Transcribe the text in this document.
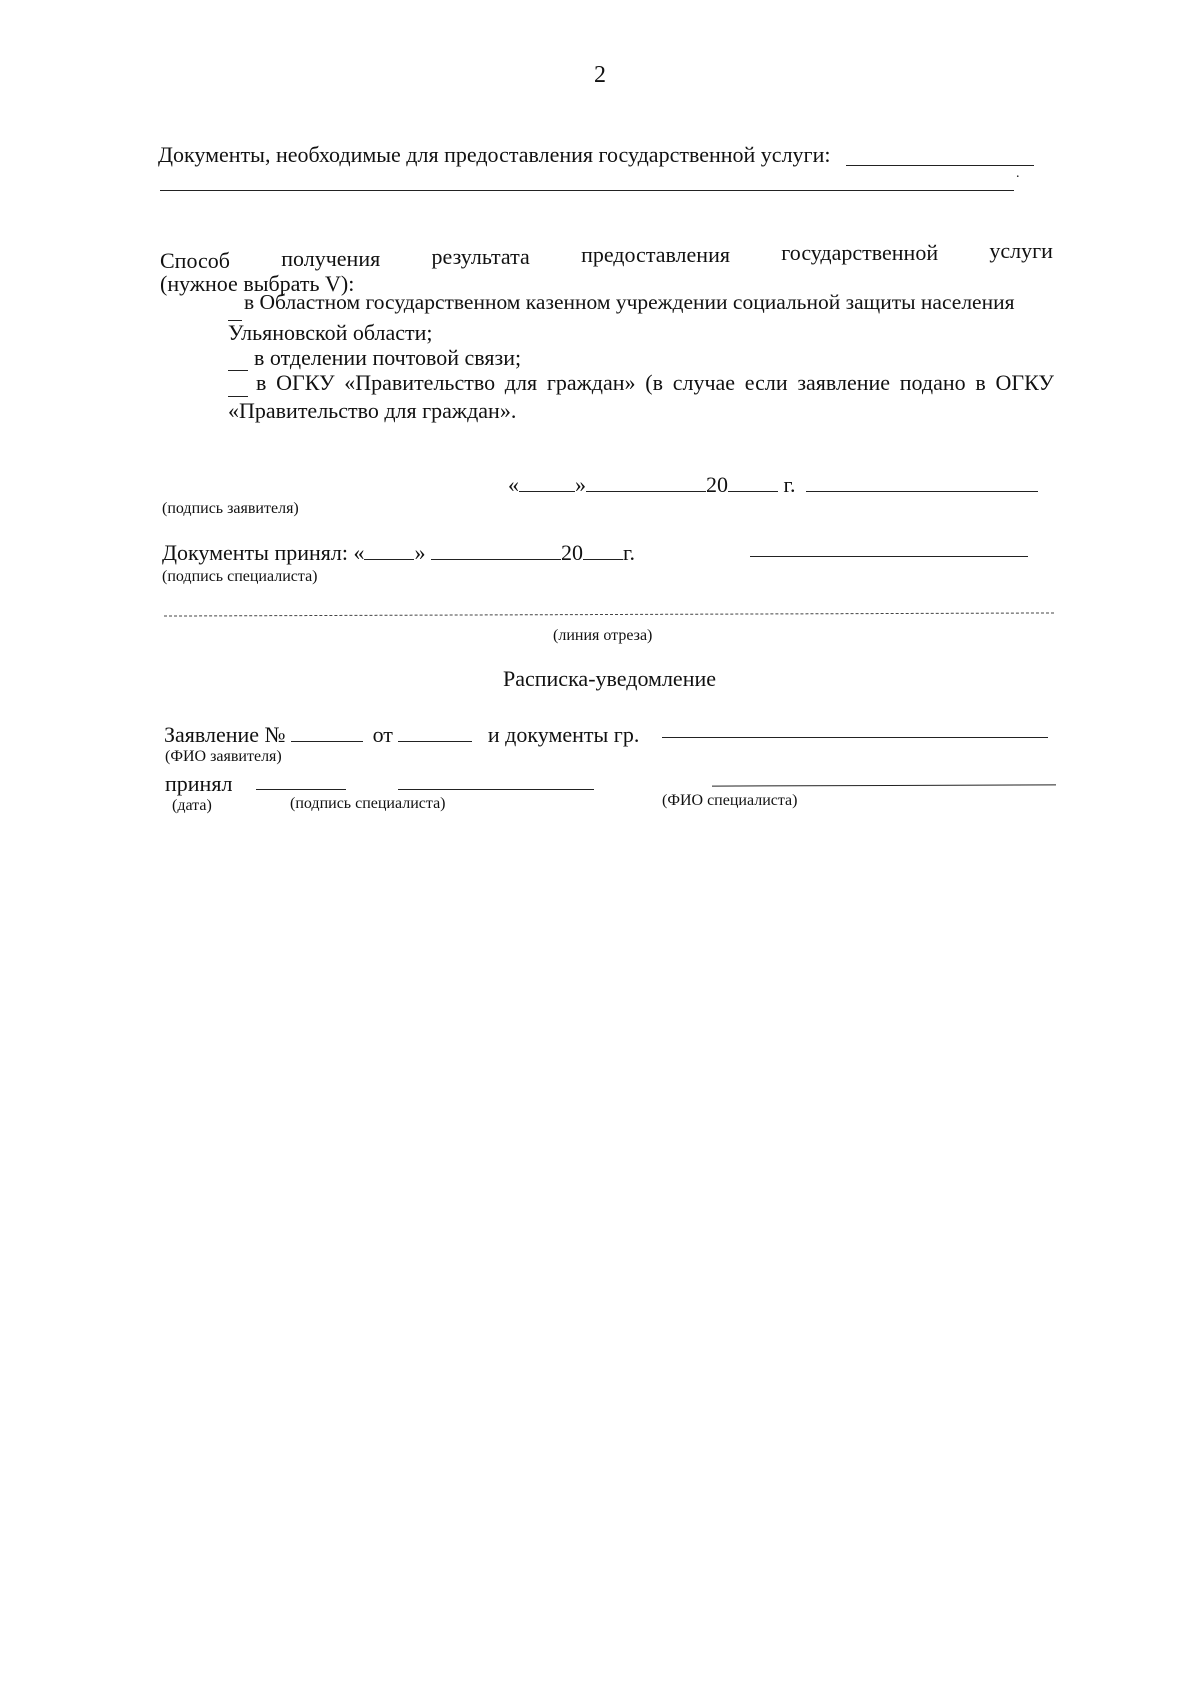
2
Документы, необходимые для предоставления государственной услуги:
.
Способ получения результата предоставления государственной услуги
(нужное выбрать V):
в Областном государственном казенном учреждении социальной защиты населения
Ульяновской области;
в отделении почтовой связи;
в ОГКУ «Правительство для граждан» (в случае если заявление подано в ОГКУ
«Правительство для граждан».
«	»	20	г.
(подпись заявителя)
Документы принял: « »	20 г.
(подпись специалиста)
(линия отреза)
Расписка-уведомление
Заявление №	от	и документы гр.
(ФИО заявителя)
принял
(дата)	(подпись специалиста)	(ФИО специалиста)
